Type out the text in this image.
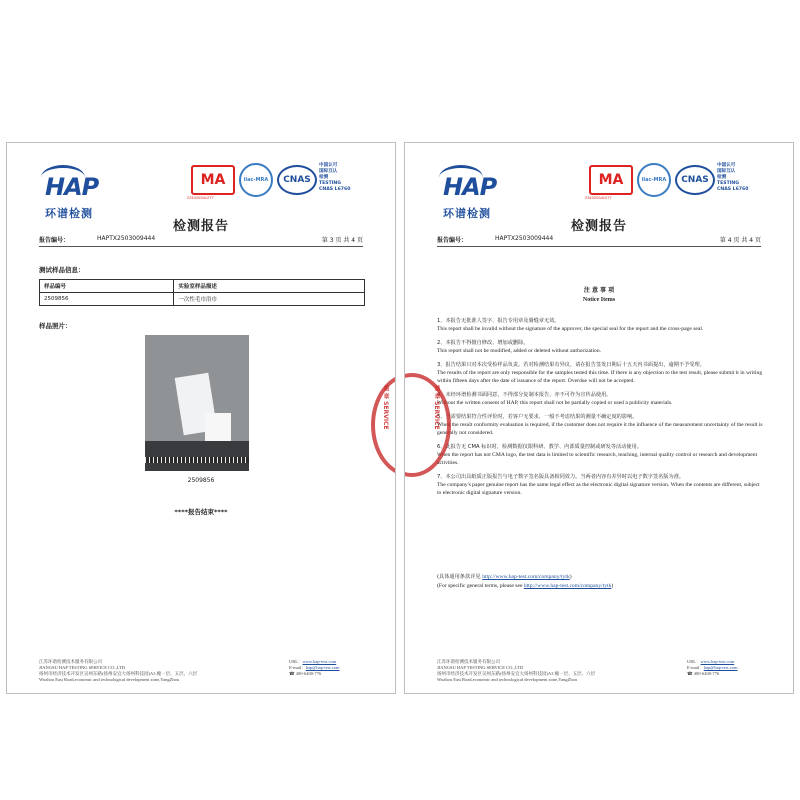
HAP
环谱检测
MA
231020341277
ilac-MRA	CNAS
中国认可
国际互认
检测
TESTING
CNAS L6760
检测报告
报告编号：	HAPTX2503009444	第 3 页 共 4 页
测试样品信息：
样品编号	实验室样品描述
2509856	一次性毛巾浴巾
样品照片：
2509856
****报告结束****
江苏环谱检测技术服务有限公司
JIANGSU HAP TESTING SERVICE CO.,LTD
扬州市经济技术开发区吴州东路(扬州安宜大扬州科技园)A3 幢一层、五层、六层
Wuzhou East Road,economic and technological development zone,YangZhou
URL：www.hap-test.com
E-mail：hap@hap-test.com
☎ 400-6400-776
盖 章 SERVICE
HAP
环谱检测
MA
231020341277
ilac-MRA	CNAS
中国认可
国际互认
检测
TESTING
CNAS L6760
检测报告
报告编号：	HAPTX2503009444	第 4 页 共 4 页
注 意 事 项
Notice Items
1、本报告无批准人签字、报告专用章及骑缝章无效。
This report shall be invalid without the signature of the approver, the special seal for the report and the cross-page seal.
2、本报告不得擅自修改、增加或删除。
This report shall not be modified, added or deleted without authorization.
3、报告结果只对本次受检样品负责。若对检测结果有异议，请在报告签发日期后十五天内书面提出，逾期不予受理。
The results of the report are only responsible for the samples tested this time. If there is any objection to the test result, please submit it in writing within fifteen days after the date of issuance of the report. Overdue will not be accepted.
4、未经环谱检测书面同意，不得部分复制本报告，亦不可作为宣传品使用。
Without the written consent of HAP, this report shall not be partially copied or used a publicity materials.
5、当需要结果符合性评价时，若客户无要求，一般不考虑结果的测量不确定度的影响。
When the result conformity evaluation is required, if the customer does not require it the influence of the measurement uncertainty of the result is generally not considered.
6、此报告无 CMA 标识时，检测数据仅限科研、教学、内部质量控制或研发等活动使用。
When the report has not CMA logo, the test data is limited to scientific research, teaching, internal quality control or research and development activities.
7、本公司出具纸质正版报告与电子数字签名版具备相同效力。当两者内容有差异时以电子数字签名版为准。
The company's paper genuine report has the same legal effect as the electronic digital signature version. When the contents are different, subject to electronic digital signature version.
(具体通用条款详见 http://www.hap-test.com/company/tytk)
(For specific general terms, please see http://www.hap-test.com/company/tytk)
江苏环谱检测技术服务有限公司
JIANGSU HAP TESTING SERVICE CO.,LTD
扬州市经济技术开发区吴州东路(扬州安宜大扬州科技园)A3 幢一层、五层、六层
Wuzhou East Road,economic and technological development zone,YangZhou
URL：www.hap-test.com
E-mail：hap@hap-test.com
☎ 400-6400-776
盖 章 SERVICE
